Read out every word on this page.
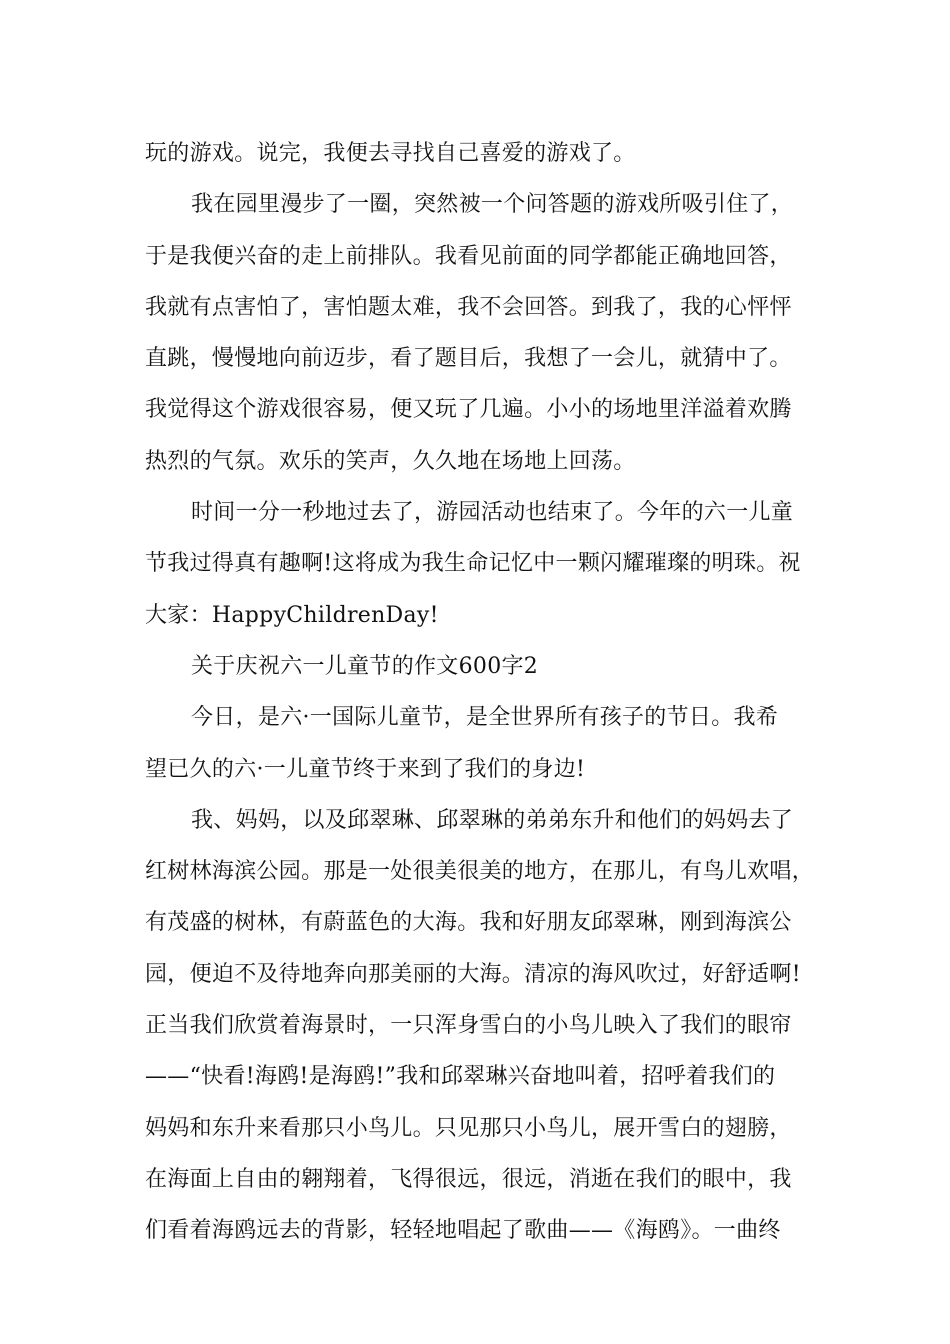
玩的游戏。说完，我便去寻找自己喜爱的游戏了。
我在园里漫步了一圈，突然被一个问答题的游戏所吸引住了，
于是我便兴奋的走上前排队。我看见前面的同学都能正确地回答，
我就有点害怕了，害怕题太难，我不会回答。到我了，我的心怦怦
直跳，慢慢地向前迈步，看了题目后，我想了一会儿，就猜中了。
我觉得这个游戏很容易，便又玩了几遍。小小的场地里洋溢着欢腾
热烈的气氛。欢乐的笑声，久久地在场地上回荡。
时间一分一秒地过去了，游园活动也结束了。今年的六一儿童
节我过得真有趣啊!这将成为我生命记忆中一颗闪耀璀璨的明珠。祝
大家：HappyChildrenDay!
关于庆祝六一儿童节的作文600字2
今日，是六·一国际儿童节，是全世界所有孩子的节日。我希
望已久的六·一儿童节终于来到了我们的身边!
我、妈妈，以及邱翠琳、邱翠琳的弟弟东升和他们的妈妈去了
红树林海滨公园。那是一处很美很美的地方，在那儿，有鸟儿欢唱，
有茂盛的树林，有蔚蓝色的大海。我和好朋友邱翠琳，刚到海滨公
园，便迫不及待地奔向那美丽的大海。清凉的海风吹过，好舒适啊!
正当我们欣赏着海景时，一只浑身雪白的小鸟儿映入了我们的眼帘
——“快看!海鸥!是海鸥!”我和邱翠琳兴奋地叫着，招呼着我们的
妈妈和东升来看那只小鸟儿。只见那只小鸟儿，展开雪白的翅膀，
在海面上自由的翱翔着，飞得很远，很远，消逝在我们的眼中，我
们看着海鸥远去的背影，轻轻地唱起了歌曲——《海鸥》。一曲终
